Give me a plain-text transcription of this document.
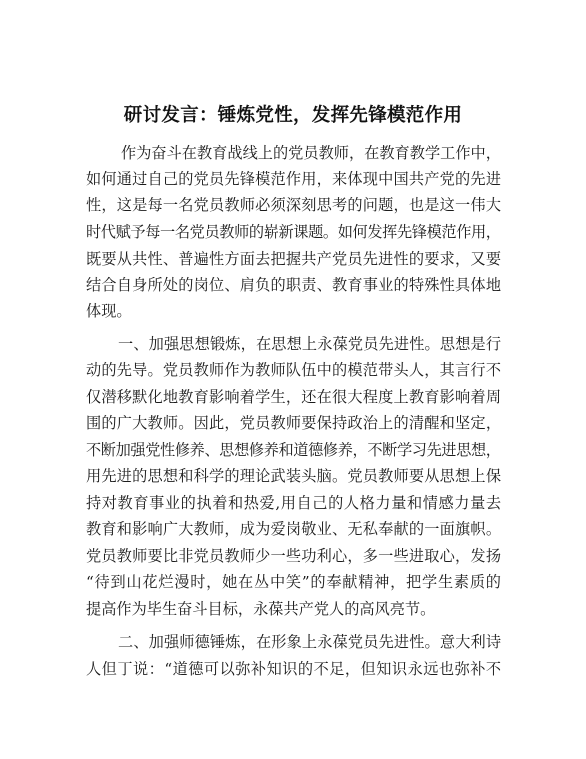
研讨发言：锤炼党性，发挥先锋模范作用

作为奋斗在教育战线上的党员教师，在教育教学工作中，

如何通过自己的党员先锋模范作用，来体现中国共产党的先进

性，这是每一名党员教师必须深刻思考的问题，也是这一伟大

时代赋予每一名党员教师的崭新课题。如何发挥先锋模范作用，

既要从共性、普遍性方面去把握共产党员先进性的要求，又要

结合自身所处的岗位、肩负的职责、教育事业的特殊性具体地

体现。

一、加强思想锻炼，在思想上永葆党员先进性。思想是行

动的先导。党员教师作为教师队伍中的模范带头人，其言行不

仅潜移默化地教育影响着学生，还在很大程度上教育影响着周

围的广大教师。因此，党员教师要保持政治上的清醒和坚定，

不断加强党性修养、思想修养和道德修养，不断学习先进思想，

用先进的思想和科学的理论武装头脑。党员教师要从思想上保

持对教育事业的执着和热爱,用自己的人格力量和情感力量去

教育和影响广大教师，成为爱岗敬业、无私奉献的一面旗帜。

党员教师要比非党员教师少一些功利心，多一些进取心，发扬

“待到山花烂漫时，她在丛中笑”的奉献精神，把学生素质的

提高作为毕生奋斗目标，永葆共产党人的高风亮节。

二、加强师德锤炼，在形象上永葆党员先进性。意大利诗

人但丁说：“道德可以弥补知识的不足，但知识永远也弥补不
